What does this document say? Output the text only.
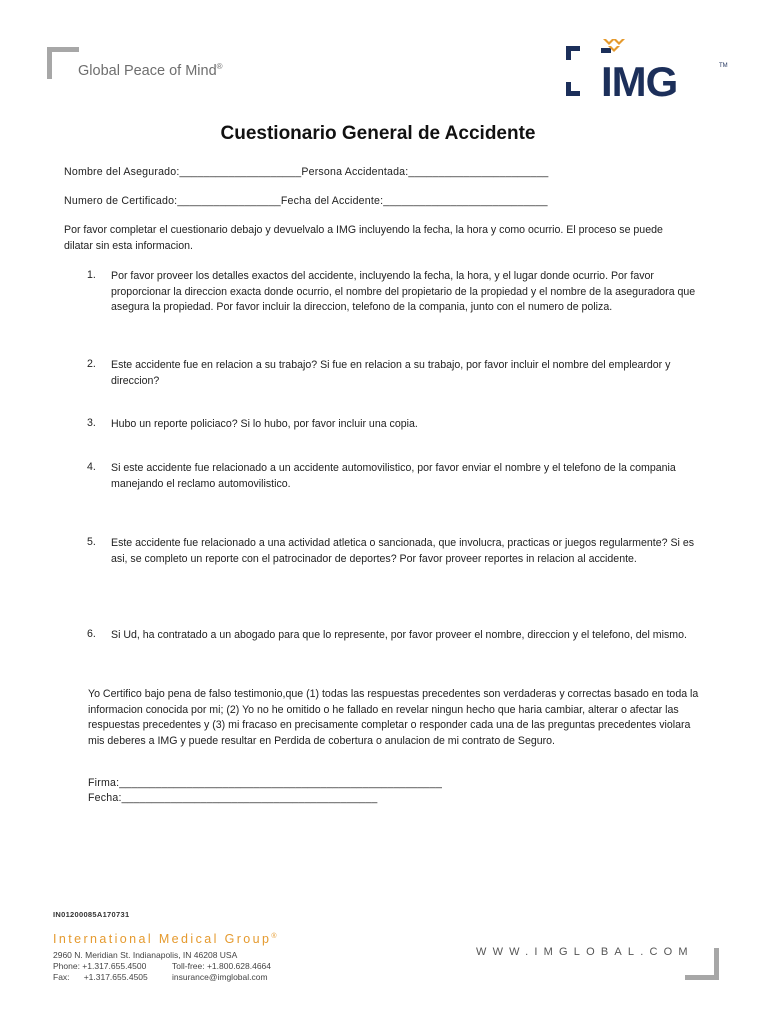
Global Peace of Mind®	IMG	TM
Cuestionario General de Accidente
Nombre del Asegurado:____________________Persona Accidentada:_______________________
Numero de Certificado:_________________Fecha del Accidente:___________________________
Por favor completar el cuestionario debajo y devuelvalo a IMG incluyendo la fecha, la hora y como ocurrio. El proceso se puede dilatar sin esta informacion.
1.	Por favor proveer los detalles exactos del accidente, incluyendo la fecha, la hora, y el lugar donde ocurrio. Por favor proporcionar la direccion exacta donde ocurrio, el nombre del propietario de la propiedad y el nombre de la aseguradora que asegura la propiedad. Por favor incluir la direccion, telefono de la compania, junto con el numero de poliza.
2.	Este accidente fue en relacion a su trabajo? Si fue en relacion a su trabajo, por favor incluir el nombre del empleardor y direccion?
3.	Hubo un reporte policiaco? Si lo hubo, por favor incluir una copia.
4.	Si este accidente fue relacionado a un accidente automovilistico, por favor enviar el nombre y el telefono de la compania manejando el reclamo automovilistico.
5.	Este accidente fue relacionado a una actividad atletica o sancionada, que involucra, practicas or juegos regularmente? Si es asi, se completo un reporte con el patrocinador de deportes? Por favor proveer reportes in relacion al accidente.
6.	Si Ud, ha contratado a un abogado para que lo represente, por favor proveer el nombre, direccion y el telefono, del mismo.
Yo Certifico bajo pena de falso testimonio,que (1) todas las respuestas precedentes son verdaderas y correctas basado en toda la informacion conocida por mi; (2) Yo no he omitido o he fallado en revelar ningun hecho que haria cambiar, alterar o afectar las respuestas precedentes y (3) mi fracaso en precisamente completar o responder cada una de las preguntas precedentes violara mis deberes a IMG y puede resultar en Perdida de cobertura o anulacion de mi contrato de Seguro.
Firma:_____________________________________________________
Fecha:__________________________________________
IN01200085A170731
International Medical Group®
2960 N. Meridian St. Indianapolis, IN 46208 USA
Phone: +1.317.655.4500	Toll-free: +1.800.628.4664
Fax:      +1.317.655.4505	insurance@imglobal.com
WWW.IMGLOBAL.COM
